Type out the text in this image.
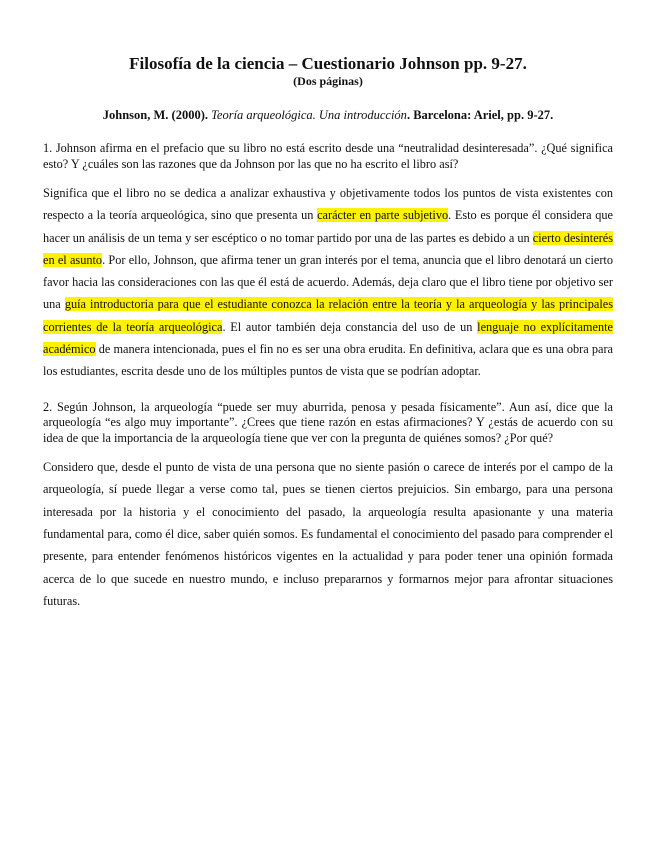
Filosofía de la ciencia – Cuestionario Johnson pp. 9-27.
(Dos páginas)

Johnson, M. (2000). Teoría arqueológica. Una introducción. Barcelona: Ariel, pp. 9-27.

1. Johnson afirma en el prefacio que su libro no está escrito desde una “neutralidad desinteresada”. ¿Qué significa esto? Y ¿cuáles son las razones que da Johnson por las que no ha escrito el libro así?

Significa que el libro no se dedica a analizar exhaustiva y objetivamente todos los puntos de vista existentes con respecto a la teoría arqueológica, sino que presenta un carácter en parte subjetivo. Esto es porque él considera que hacer un análisis de un tema y ser escéptico o no tomar partido por una de las partes es debido a un cierto desinterés en el asunto. Por ello, Johnson, que afirma tener un gran interés por el tema, anuncia que el libro denotará un cierto favor hacia las consideraciones con las que él está de acuerdo. Además, deja claro que el libro tiene por objetivo ser una guía introductoria para que el estudiante conozca la relación entre la teoría y la arqueología y las principales corrientes de la teoría arqueológica. El autor también deja constancia del uso de un lenguaje no explícitamente académico de manera intencionada, pues el fin no es ser una obra erudita. En definitiva, aclara que es una obra para los estudiantes, escrita desde uno de los múltiples puntos de vista que se podrían adoptar.

2. Según Johnson, la arqueología “puede ser muy aburrida, penosa y pesada físicamente”. Aun así, dice que la arqueología “es algo muy importante”. ¿Crees que tiene razón en estas afirmaciones? Y ¿estás de acuerdo con su idea de que la importancia de la arqueología tiene que ver con la pregunta de quiénes somos? ¿Por qué?

Considero que, desde el punto de vista de una persona que no siente pasión o carece de interés por el campo de la arqueología, sí puede llegar a verse como tal, pues se tienen ciertos prejuicios. Sin embargo, para una persona interesada por la historia y el conocimiento del pasado, la arqueología resulta apasionante y una materia fundamental para, como él dice, saber quién somos. Es fundamental el conocimiento del pasado para comprender el presente, para entender fenómenos históricos vigentes en la actualidad y para poder tener una opinión formada acerca de lo que sucede en nuestro mundo, e incluso prepararnos y formarnos mejor para afrontar situaciones futuras.
